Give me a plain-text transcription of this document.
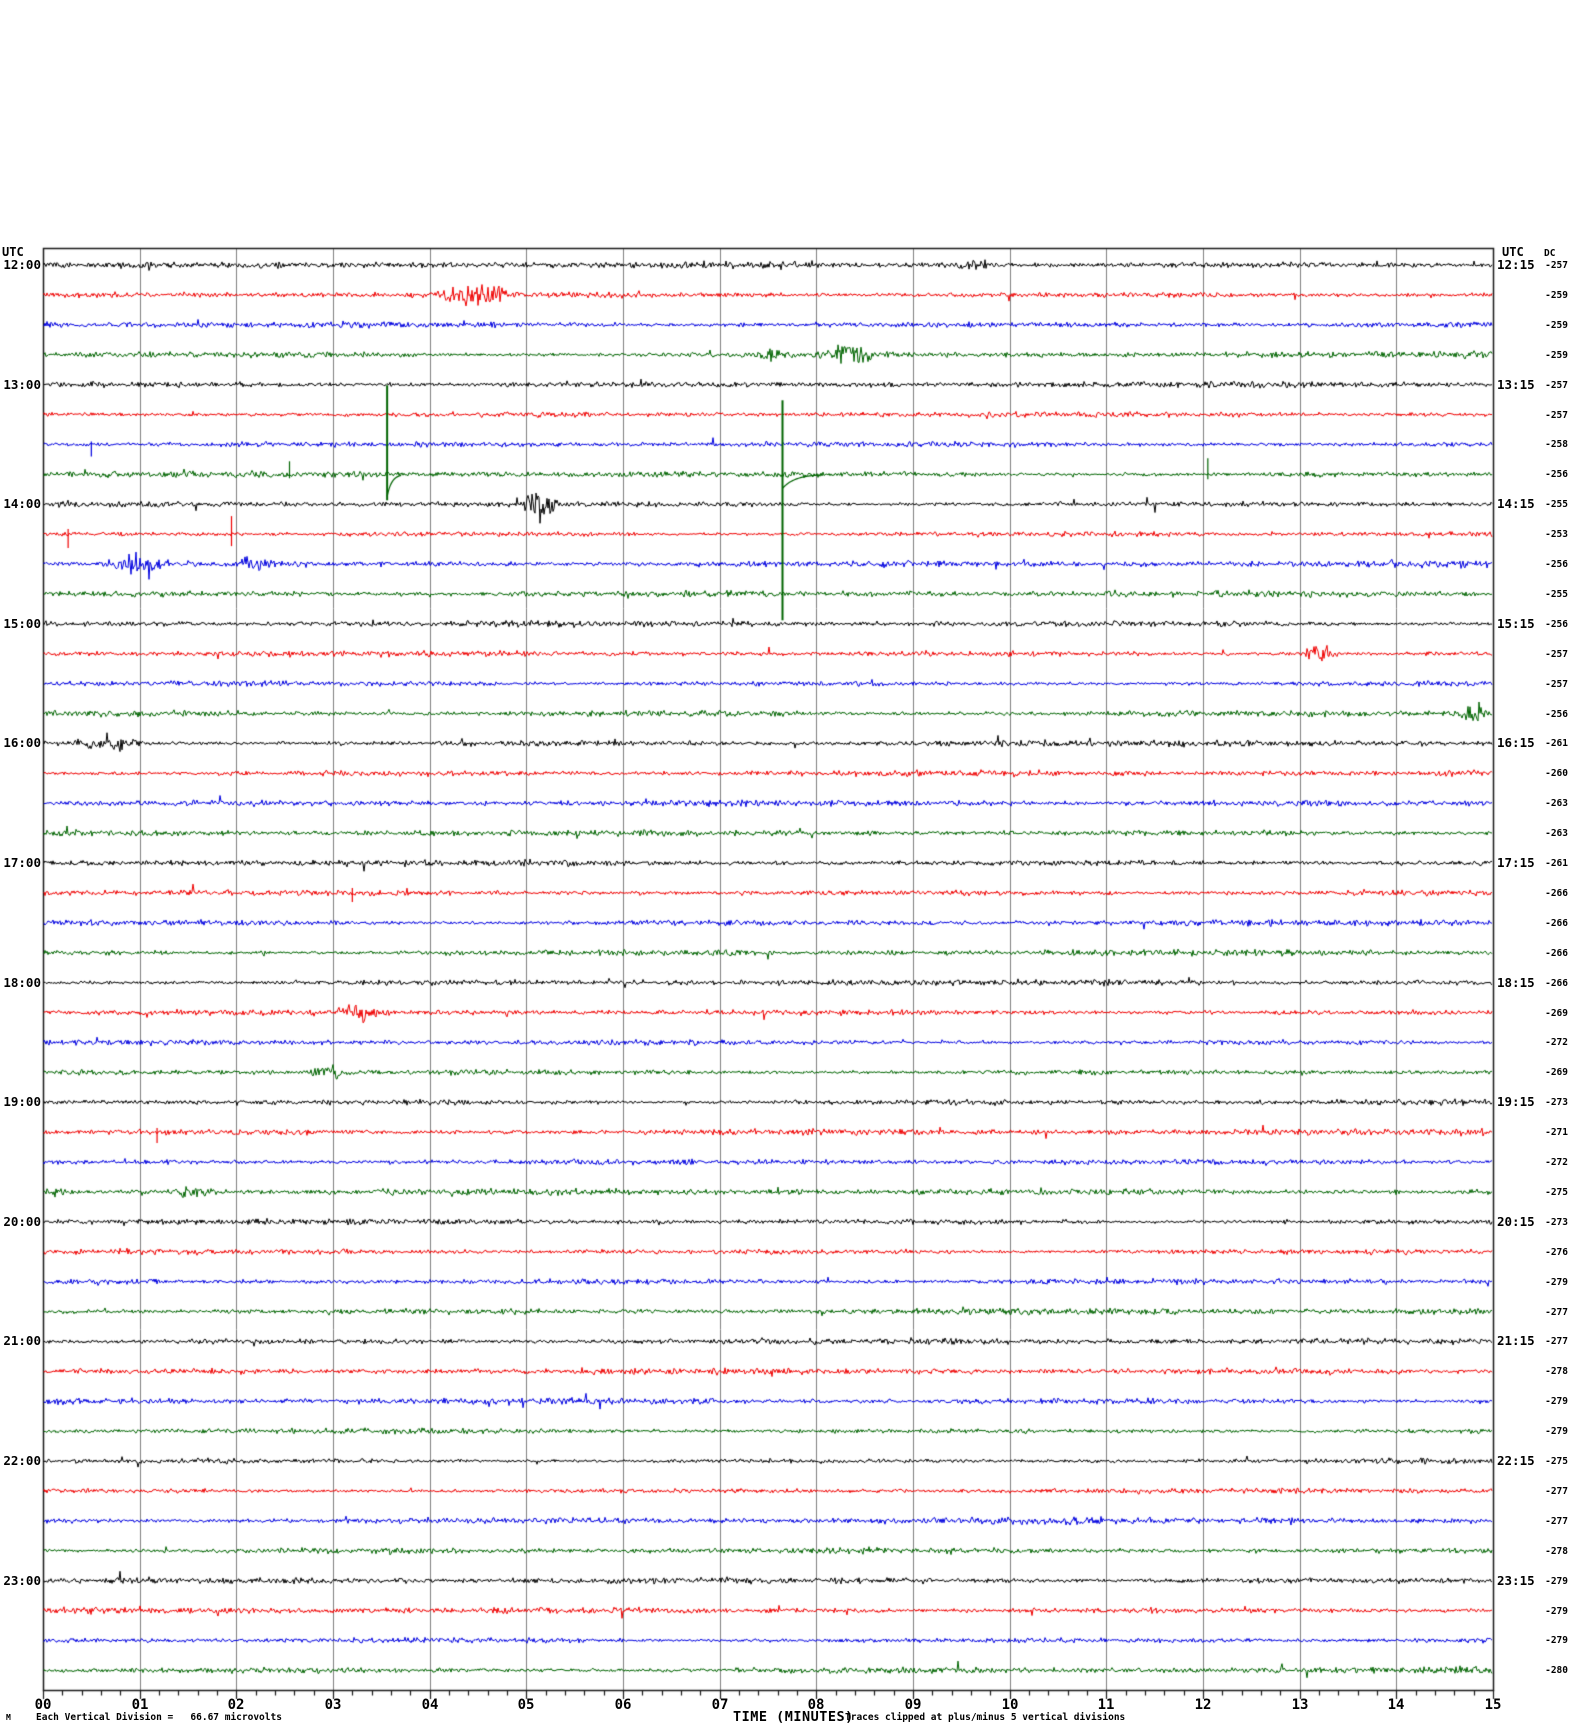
UTC	UTC DC
12:00
13:00
14:00
15:00
16:00
17:00
18:00
19:00
20:00
21:00
22:00
23:00
12:15
13:15
14:15
15:15
16:15
17:15
18:15
19:15
20:15
21:15
22:15
23:15
-257
-259
-259
-259
-257
-257
-258
-256
-255
-253
-256
-255
-256
-257
-257
-256
-261
-260
-263
-263
-261
-266
-266
-266
-266
-269
-272
-269
-273
-271
-272
-275
-273
-276
-279
-277
-277
-278
-279
-279
-275
-277
-277
-278
-279
-279
-279
-280
00	01	02	03	04	05	06	07	08	09	10	11	12	13	14	15
M	Each Vertical Division =   66.67 microvolts	TIME (MINUTES)
Traces clipped at plus/minus 5 vertical divisions
